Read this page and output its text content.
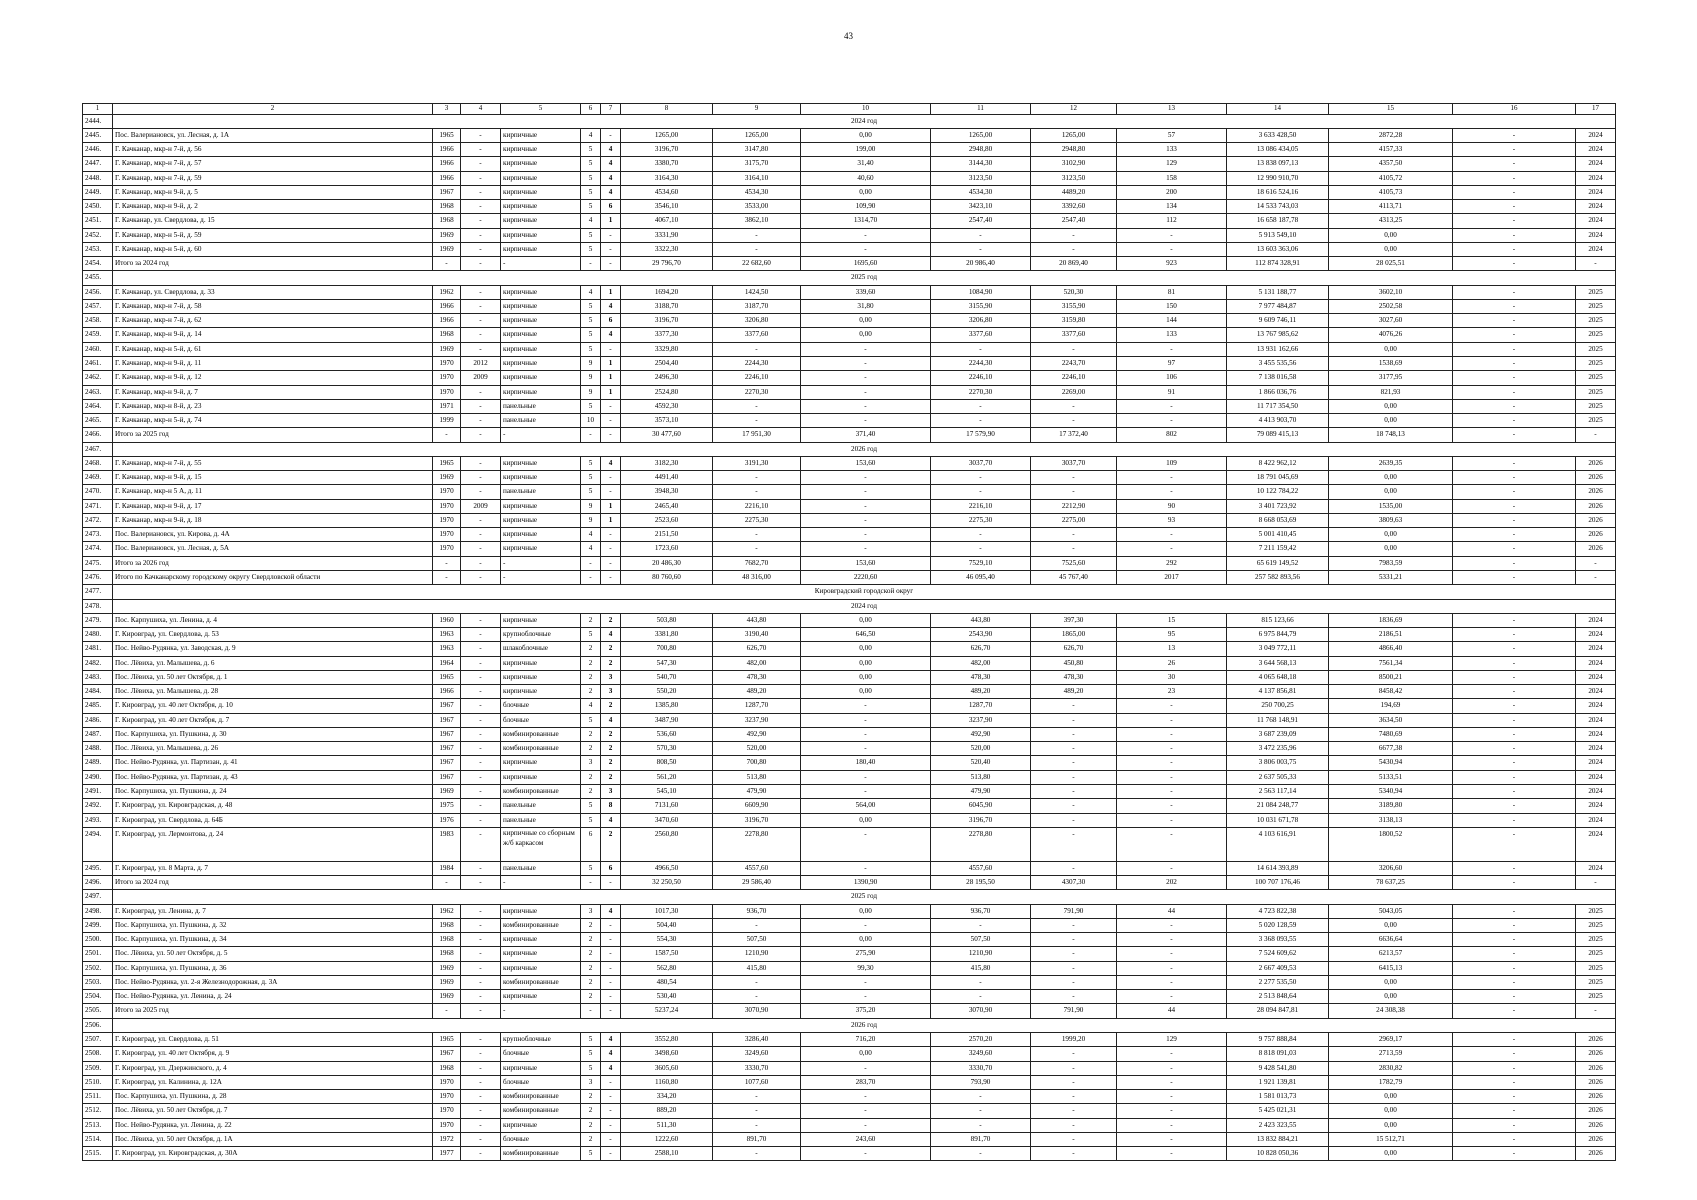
43
1	2	3	4	5	6	7	8	9	10	11	12	13	14	15	16	17
2444.	2024 год															
2445.	Пос. Валериановск, ул. Лесная, д. 1А	1965	-	кирпичные	4	-	1265,00	1265,00	0,00	1265,00	1265,00	57	3 633 428,50	2872,28	-	2024
2446.	Г. Качканар, мкр-н 7-й, д. 56	1966	-	кирпичные	5	4	3196,70	3147,80	199,00	2948,80	2948,80	133	13 086 434,05	4157,33	-	2024
2447.	Г. Качканар, мкр-н 7-й, д. 57	1966	-	кирпичные	5	4	3380,70	3175,70	31,40	3144,30	3102,90	129	13 838 097,13	4357,50	-	2024
2448.	Г. Качканар, мкр-н 7-й, д. 59	1966	-	кирпичные	5	4	3164,30	3164,10	40,60	3123,50	3123,50	158	12 990 910,70	4105,72	-	2024
2449.	Г. Качканар, мкр-н 9-й, д. 5	1967	-	кирпичные	5	4	4534,60	4534,30	0,00	4534,30	4489,20	200	18 616 524,16	4105,73	-	2024
2450.	Г. Качканар, мкр-н 9-й, д. 2	1968	-	кирпичные	5	6	3546,10	3533,00	109,90	3423,10	3392,60	134	14 533 743,03	4113,71	-	2024
2451.	Г. Качканар, ул. Свердлова, д. 15	1968	-	кирпичные	4	1	4067,10	3862,10	1314,70	2547,40	2547,40	112	16 658 187,78	4313,25	-	2024
2452.	Г. Качканар, мкр-н 5-й, д. 59	1969	-	кирпичные	5	-	3331,90	-	-	-	-	-	5 913 549,10	0,00	-	2024
2453.	Г. Качканар, мкр-н 5-й, д. 60	1969	-	кирпичные	5	-	3322,30	-	-	-	-	-	13 603 363,06	0,00	-	2024
2454.	Итого за 2024 год	-	-	-	-	-	29 796,70	22 682,60	1695,60	20 986,40	20 869,40	923	112 874 328,91	28 025,51	-	-
2455.	2025 год															
2456.	Г. Качканар, ул. Свердлова, д. 33	1962	-	кирпичные	4	1	1694,20	1424,50	339,60	1084,90	520,30	81	5 131 188,77	3602,10	-	2025
2457.	Г. Качканар, мкр-н 7-й, д. 58	1966	-	кирпичные	5	4	3188,70	3187,70	31,80	3155,90	3155,90	150	7 977 484,87	2502,58	-	2025
2458.	Г. Качканар, мкр-н 7-й, д. 62	1966	-	кирпичные	5	6	3196,70	3206,80	0,00	3206,80	3159,80	144	9 609 746,11	3027,60	-	2025
2459.	Г. Качканар, мкр-н 9-й, д. 14	1968	-	кирпичные	5	4	3377,30	3377,60	0,00	3377,60	3377,60	133	13 767 985,62	4076,26	-	2025
2460.	Г. Качканар, мкр-н 5-й, д. 61	1969	-	кирпичные	5	-	3329,80	-	-	-	-	-	13 931 162,66	0,00	-	2025
2461.	Г. Качканар, мкр-н 9-й, д. 11	1970	2012	кирпичные	9	1	2504,40	2244,30	-	2244,30	2243,70	97	3 455 535,56	1538,69	-	2025
2462.	Г. Качканар, мкр-н 9-й, д. 12	1970	2009	кирпичные	9	1	2496,30	2246,10	-	2246,10	2246,10	106	7 138 016,58	3177,95	-	2025
2463.	Г. Качканар, мкр-н 9-й, д. 7	1970	-	кирпичные	9	1	2524,80	2270,30	-	2270,30	2269,00	91	1 866 036,76	821,93	-	2025
2464.	Г. Качканар, мкр-н 8-й, д. 23	1971	-	панельные	5	-	4592,30	-	-	-	-	-	11 717 354,50	0,00	-	2025
2465.	Г. Качканар, мкр-н 5-й, д. 74	1999	-	панельные	10	-	3573,10	-	-	-	-	-	4 413 903,70	0,00	-	2025
2466.	Итого за 2025 год	-	-	-	-	-	30 477,60	17 951,30	371,40	17 579,90	17 372,40	802	79 089 415,13	18 748,13	-	-
2467.	2026 год															
2468.	Г. Качканар, мкр-н 7-й, д. 55	1965	-	кирпичные	5	4	3182,30	3191,30	153,60	3037,70	3037,70	109	8 422 962,12	2639,35	-	2026
2469.	Г. Качканар, мкр-н 9-й, д. 15	1969	-	кирпичные	5	-	4491,40	-	-	-	-	-	18 791 045,69	0,00	-	2026
2470.	Г. Качканар, мкр-н 5 А, д. 11	1970	-	панельные	5	-	3948,30	-	-	-	-	-	10 122 784,22	0,00	-	2026
2471.	Г. Качканар, мкр-н 9-й, д. 17	1970	2009	кирпичные	9	1	2465,40	2216,10	-	2216,10	2212,90	90	3 401 723,92	1535,00	-	2026
2472.	Г. Качканар, мкр-н 9-й, д. 18	1970	-	кирпичные	9	1	2523,60	2275,30	-	2275,30	2275,00	93	8 668 053,69	3809,63	-	2026
2473.	Пос. Валериановск, ул. Кирова, д. 4А	1970	-	кирпичные	4	-	2151,50	-	-	-	-	-	5 001 410,45	0,00	-	2026
2474.	Пос. Валериановск, ул. Лесная, д. 5А	1970	-	кирпичные	4	-	1723,60	-	-	-	-	-	7 211 159,42	0,00	-	2026
2475.	Итого за 2026 год	-	-	-	-	-	20 486,30	7682,70	153,60	7529,10	7525,60	292	65 619 149,52	7983,59	-	-
2476.	Итого по Качканарскому городскому округу Свердловской области	-	-	-	-	-	80 760,60	48 316,00	2220,60	46 095,40	45 767,40	2017	257 582 893,56	5331,21	-	-
2477.	Кировградский городской округ															
2478.	2024 год															
2479.	Пос. Карпушиха, ул. Ленина, д. 4	1960	-	кирпичные	2	2	503,80	443,80	0,00	443,80	397,30	15	815 123,66	1836,69	-	2024
2480.	Г. Кировград, ул. Свердлова, д. 53	1963	-	крупноблочные	5	4	3381,80	3190,40	646,50	2543,90	1865,00	95	6 975 844,79	2186,51	-	2024
2481.	Пос. Нейво-Рудянка, ул. Заводская, д. 9	1963	-	шлакоблочные	2	2	700,80	626,70	0,00	626,70	626,70	13	3 049 772,11	4866,40	-	2024
2482.	Пос. Лёвиха, ул. Малышева, д. 6	1964	-	кирпичные	2	2	547,30	482,00	0,00	482,00	450,80	26	3 644 568,13	7561,34	-	2024
2483.	Пос. Лёвиха, ул. 50 лет Октября, д. 1	1965	-	кирпичные	2	3	540,70	478,30	0,00	478,30	478,30	30	4 065 648,18	8500,21	-	2024
2484.	Пос. Лёвиха, ул. Малышева, д. 28	1966	-	кирпичные	2	3	550,20	489,20	0,00	489,20	489,20	23	4 137 856,81	8458,42	-	2024
2485.	Г. Кировград, ул. 40 лет Октября, д. 10	1967	-	блочные	4	2	1385,80	1287,70	-	1287,70	-	-	250 700,25	194,69	-	2024
2486.	Г. Кировград, ул. 40 лет Октября, д. 7	1967	-	блочные	5	4	3487,90	3237,90	-	3237,90	-	-	11 768 148,91	3634,50	-	2024
2487.	Пос. Карпушиха, ул. Пушкина, д. 30	1967	-	комбинированные	2	2	536,60	492,90	-	492,90	-	-	3 687 239,09	7480,69	-	2024
2488.	Пос. Лёвиха, ул. Малышева, д. 26	1967	-	комбинированные	2	2	570,30	520,00	-	520,00	-	-	3 472 235,96	6677,38	-	2024
2489.	Пос. Нейво-Рудянка, ул. Партизан, д. 41	1967	-	кирпичные	3	2	808,50	700,80	180,40	520,40	-	-	3 806 003,75	5430,94	-	2024
2490.	Пос. Нейво-Рудянка, ул. Партизан, д. 43	1967	-	кирпичные	2	2	561,20	513,80	-	513,80	-	-	2 637 505,33	5133,51	-	2024
2491.	Пос. Карпушиха, ул. Пушкина, д. 24	1969	-	комбинированные	2	3	545,10	479,90	-	479,90	-	-	2 563 117,14	5340,94	-	2024
2492.	Г. Кировград, ул. Кировградская, д. 48	1975	-	панельные	5	8	7131,60	6609,90	564,00	6045,90	-	-	21 084 248,77	3189,80	-	2024
2493.	Г. Кировград, ул. Свердлова, д. 64Б	1976	-	панельные	5	4	3470,60	3196,70	0,00	3196,70	-	-	10 031 671,78	3138,13	-	2024
2494.	Г. Кировград, ул. Лермонтова, д. 24	1983	-	кирпичные со сборным ж/б каркасом	6	2	2560,80	2278,80	-	2278,80	-	-	4 103 616,91	1800,52	-	2024
2495.	Г. Кировград, ул. 8 Марта, д. 7	1984	-	панельные	5	6	4966,50	4557,60	-	4557,60	-	-	14 614 393,89	3206,60	-	2024
2496.	Итого за 2024 год	-	-	-	-	-	32 250,50	29 586,40	1390,90	28 195,50	4307,30	202	100 707 176,46	78 637,25	-	-
2497.	2025 год															
2498.	Г. Кировград, ул. Ленина, д. 7	1962	-	кирпичные	3	4	1017,30	936,70	0,00	936,70	791,90	44	4 723 822,38	5043,05	-	2025
2499.	Пос. Карпушиха, ул. Пушкина, д. 32	1968	-	комбинированные	2	-	504,40	-	-	-	-	-	5 020 128,59	0,00	-	2025
2500.	Пос. Карпушиха, ул. Пушкина, д. 34	1968	-	кирпичные	2	-	554,30	507,50	0,00	507,50	-	-	3 368 093,55	6636,64	-	2025
2501.	Пос. Лёвиха, ул. 50 лет Октября, д. 5	1968	-	кирпичные	2	-	1587,50	1210,90	275,90	1210,90	-	-	7 524 609,62	6213,57	-	2025
2502.	Пос. Карпушиха, ул. Пушкина, д. 36	1969	-	кирпичные	2	-	562,80	415,80	99,30	415,80	-	-	2 667 409,53	6415,13	-	2025
2503.	Пос. Нейво-Рудянка, ул. 2-я Железнодорожная, д. 3А	1969	-	комбинированные	2	-	480,54	-	-	-	-	-	2 277 535,50	0,00	-	2025
2504.	Пос. Нейво-Рудянка, ул. Ленина, д. 24	1969	-	кирпичные	2	-	530,40	-	-	-	-	-	2 513 848,64	0,00	-	2025
2505.	Итого за 2025 год	-	-	-	-	-	5237,24	3070,90	375,20	3070,90	791,90	44	28 094 847,81	24 308,38	-	-
2506.	2026 год															
2507.	Г. Кировград, ул. Свердлова, д. 51	1965	-	крупноблочные	5	4	3552,80	3286,40	716,20	2570,20	1999,20	129	9 757 888,84	2969,17	-	2026
2508.	Г. Кировград, ул. 40 лет Октября, д. 9	1967	-	блочные	5	4	3498,60	3249,60	0,00	3249,60	-	-	8 818 091,03	2713,59	-	2026
2509.	Г. Кировград, ул. Дзержинского, д. 4	1968	-	кирпичные	5	4	3605,60	3330,70	-	3330,70	-	-	9 428 541,80	2830,82	-	2026
2510.	Г. Кировград, ул. Калинина, д. 12А	1970	-	блочные	3	-	1160,80	1077,60	283,70	793,90	-	-	1 921 139,81	1782,79	-	2026
2511.	Пос. Карпушиха, ул. Пушкина, д. 28	1970	-	комбинированные	2	-	334,20	-	-	-	-	-	1 581 013,73	0,00	-	2026
2512.	Пос. Лёвиха, ул. 50 лет Октября, д. 7	1970	-	комбинированные	2	-	889,20	-	-	-	-	-	5 425 021,31	0,00	-	2026
2513.	Пос. Нейво-Рудянка, ул. Ленина, д. 22	1970	-	кирпичные	2	-	511,30	-	-	-	-	-	2 423 323,55	0,00	-	2026
2514.	Пос. Лёвиха, ул. 50 лет Октября, д. 1А	1972	-	блочные	2	-	1222,60	891,70	243,60	891,70	-	-	13 832 884,21	15 512,71	-	2026
2515.	Г. Кировград, ул. Кировградская, д. 30А	1977	-	комбинированные	5	-	2588,10	-	-	-	-	-	10 828 050,36	0,00	-	2026
